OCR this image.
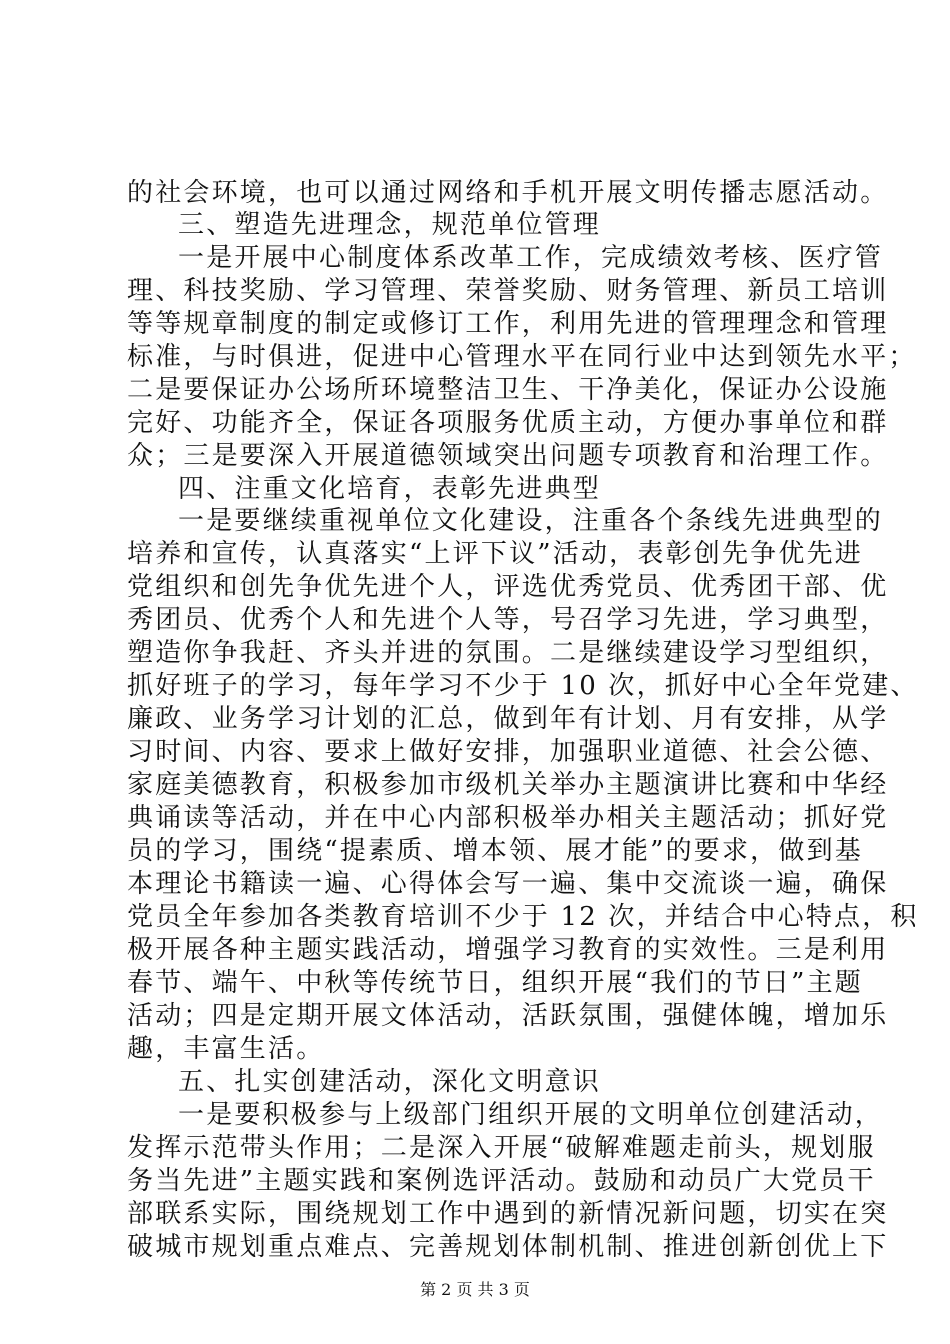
的社会环境，也可以通过网络和手机开展文明传播志愿活动。
三、塑造先进理念，规范单位管理
一是开展中心制度体系改革工作，完成绩效考核、医疗管
理、科技奖励、学习管理、荣誉奖励、财务管理、新员工培训
等等规章制度的制定或修订工作，利用先进的管理理念和管理
标准，与时俱进，促进中心管理水平在同行业中达到领先水平；
二是要保证办公场所环境整洁卫生、干净美化，保证办公设施
完好、功能齐全，保证各项服务优质主动，方便办事单位和群
众；三是要深入开展道德领域突出问题专项教育和治理工作。
四、注重文化培育，表彰先进典型
一是要继续重视单位文化建设，注重各个条线先进典型的
培养和宣传，认真落实“上评下议”活动，表彰创先争优先进
党组织和创先争优先进个人，评选优秀党员、优秀团干部、优
秀团员、优秀个人和先进个人等，号召学习先进，学习典型，
塑造你争我赶、齐头并进的氛围。二是继续建设学习型组织，
抓好班子的学习，每年学习不少于 10 次，抓好中心全年党建、
廉政、业务学习计划的汇总，做到年有计划、月有安排，从学
习时间、内容、要求上做好安排，加强职业道德、社会公德、
家庭美德教育，积极参加市级机关举办主题演讲比赛和中华经
典诵读等活动，并在中心内部积极举办相关主题活动；抓好党
员的学习，围绕“提素质、增本领、展才能”的要求，做到基
本理论书籍读一遍、心得体会写一遍、集中交流谈一遍，确保
党员全年参加各类教育培训不少于 12 次，并结合中心特点，积
极开展各种主题实践活动，增强学习教育的实效性。三是利用
春节、端午、中秋等传统节日，组织开展“我们的节日”主题
活动；四是定期开展文体活动，活跃氛围，强健体魄，增加乐
趣，丰富生活。
五、扎实创建活动，深化文明意识
一是要积极参与上级部门组织开展的文明单位创建活动，
发挥示范带头作用；二是深入开展“破解难题走前头，规划服
务当先进”主题实践和案例选评活动。鼓励和动员广大党员干
部联系实际，围绕规划工作中遇到的新情况新问题，切实在突
破城市规划重点难点、完善规划体制机制、推进创新创优上下
第 2 页 共 3 页
